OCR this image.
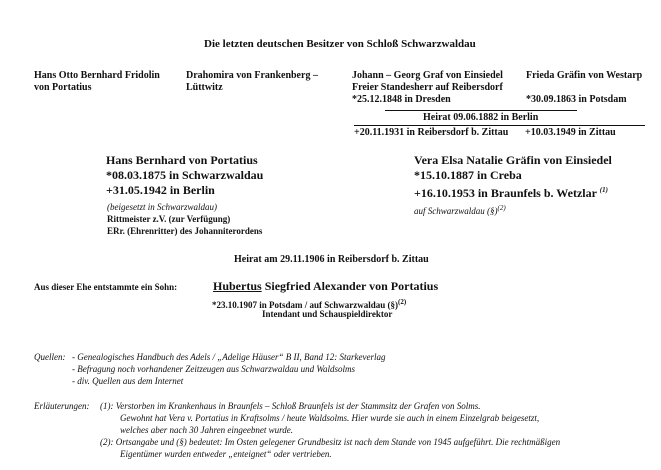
Die letzten deutschen Besitzer von Schloß Schwarzwaldau
Hans Otto Bernhard Fridolin
von Portatius
Drahomira von Frankenberg –
Lüttwitz
Johann – Georg Graf von Einsiedel
Freier Standesherr auf Reibersdorf
*25.12.1848 in Dresden
Frieda Gräfin von Westarp
*30.09.1863 in Potsdam
Heirat 09.06.1882 in Berlin
+20.11.1931 in Reibersdorf b. Zittau +10.03.1949 in Zittau
Hans Bernhard von Portatius
*08.03.1875 in Schwarzwaldau
+31.05.1942 in Berlin
(beigesetzt in Schwarzwaldau)
Rittmeister z.V. (zur Verfügung)
ERr. (Ehrenritter) des Johanniterordens
Vera Elsa Natalie Gräfin von Einsiedel
*15.10.1887 in Creba
+16.10.1953 in Braunfels b. Wetzlar $^{(1)}$
auf Schwarzwaldau (§)$^{(2)}$
Heirat am 29.11.1906 in Reibersdorf b. Zittau
Aus dieser Ehe entstammte ein Sohn:	Hubertus Siegfried Alexander von Portatius
*23.10.1907 in Potsdam / auf Schwarzwaldau (§)$^{(2)}$
Intendant und Schauspieldirektor
Quellen: - Genealogisches Handbuch des Adels / „Adelige Häuser“ B II, Band 12: Starkeverlag
- Befragung noch vorhandener Zeitzeugen aus Schwarzwaldau und Waldsolms
- div. Quellen aus dem Internet
Erläuterungen: (1): Verstorben im Krankenhaus in Braunfels – Schloß Braunfels ist der Stammsitz der Grafen von Solms.
Gewohnt hat Vera v. Portatius in Kraftsolms / heute Waldsolms. Hier wurde sie auch in einem Einzelgrab beigesetzt,
welches aber nach 30 Jahren eingeebnet wurde.
(2): Ortsangabe und (§) bedeutet: Im Osten gelegener Grundbesitz ist nach dem Stande von 1945 aufgeführt. Die rechtmäßigen
Eigentümer wurden entweder „enteignet“ oder vertrieben.
